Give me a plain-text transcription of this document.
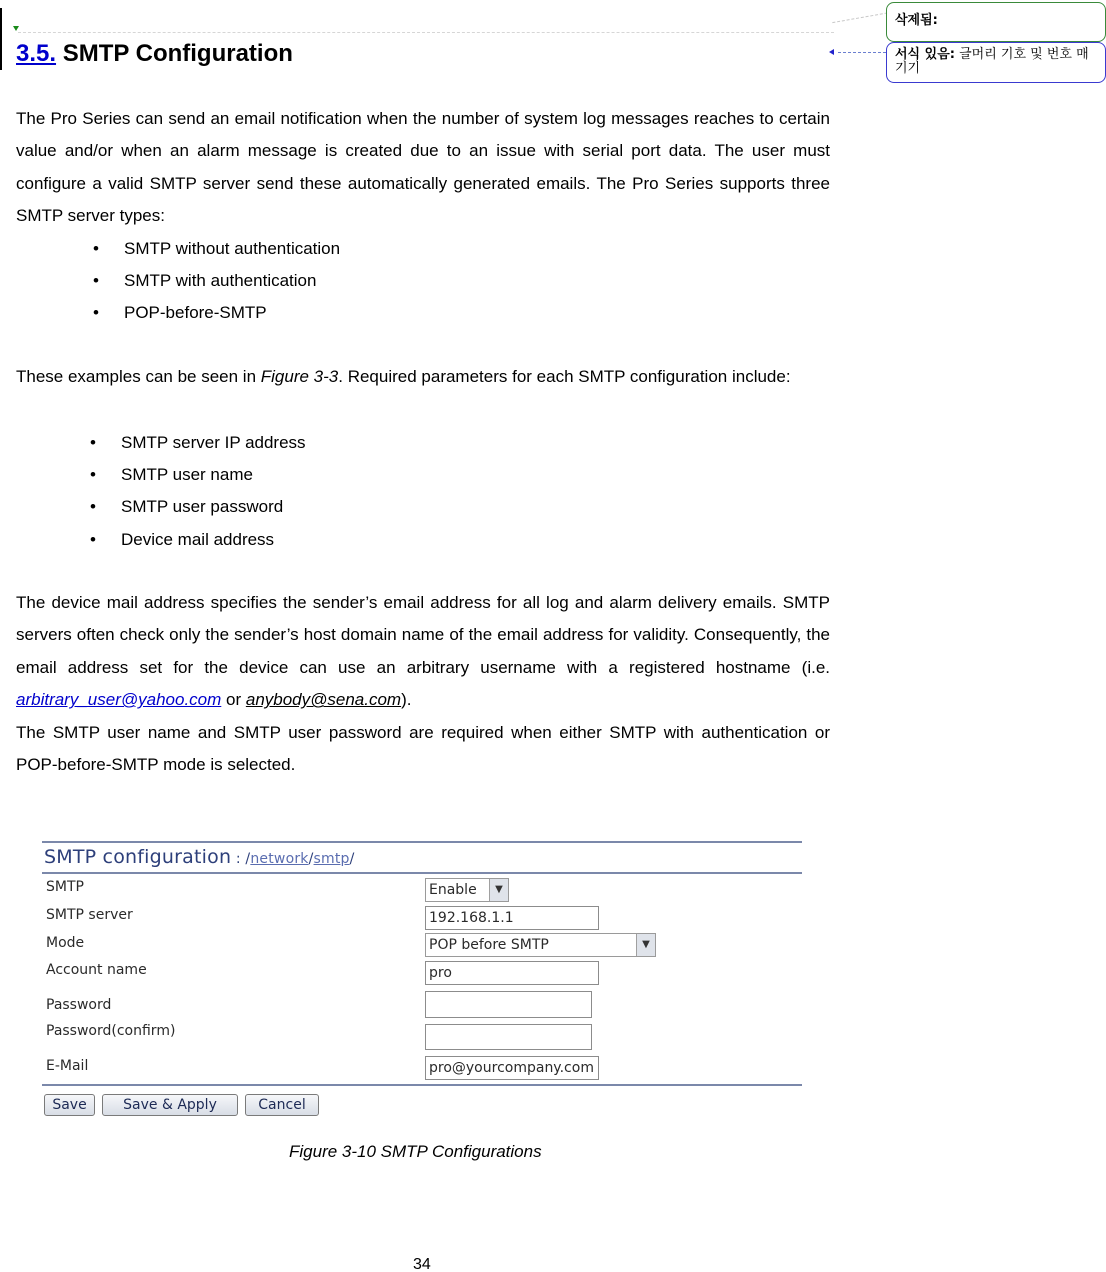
삭제됨:
서식 있음: 글머리 기호 및 번호 매기기
3.5. SMTP Configuration

The Pro Series can send an email notification when the number of system log messages reaches to certain value and/or when an alarm message is created due to an issue with serial port data. The user must configure a valid SMTP server send these automatically generated emails. The Pro Series supports three SMTP server types:

• SMTP without authentication
• SMTP with authentication
• POP-before-SMTP

These examples can be seen in Figure 3-3. Required parameters for each SMTP configuration include:

• SMTP server IP address
• SMTP user name
• SMTP user password
• Device mail address

The device mail address specifies the sender’s email address for all log and alarm delivery emails. SMTP servers often check only the sender’s host domain name of the email address for validity. Consequently, the email address set for the device can use an arbitrary username with a registered hostname (i.e. arbitrary_user@yahoo.com or anybody@sena.com).

The SMTP user name and SMTP user password are required when either SMTP with authentication or POP-before-SMTP mode is selected.

SMTP configuration : /network/smtp/
SMTP	Enable	▼
SMTP server	192.168.1.1
Mode	POP before SMTP	▼
Account name	pro
Password
Password(confirm)
E-Mail	pro@yourcompany.com
Save	Save & Apply	Cancel
Figure 3-10 SMTP Configurations
34
